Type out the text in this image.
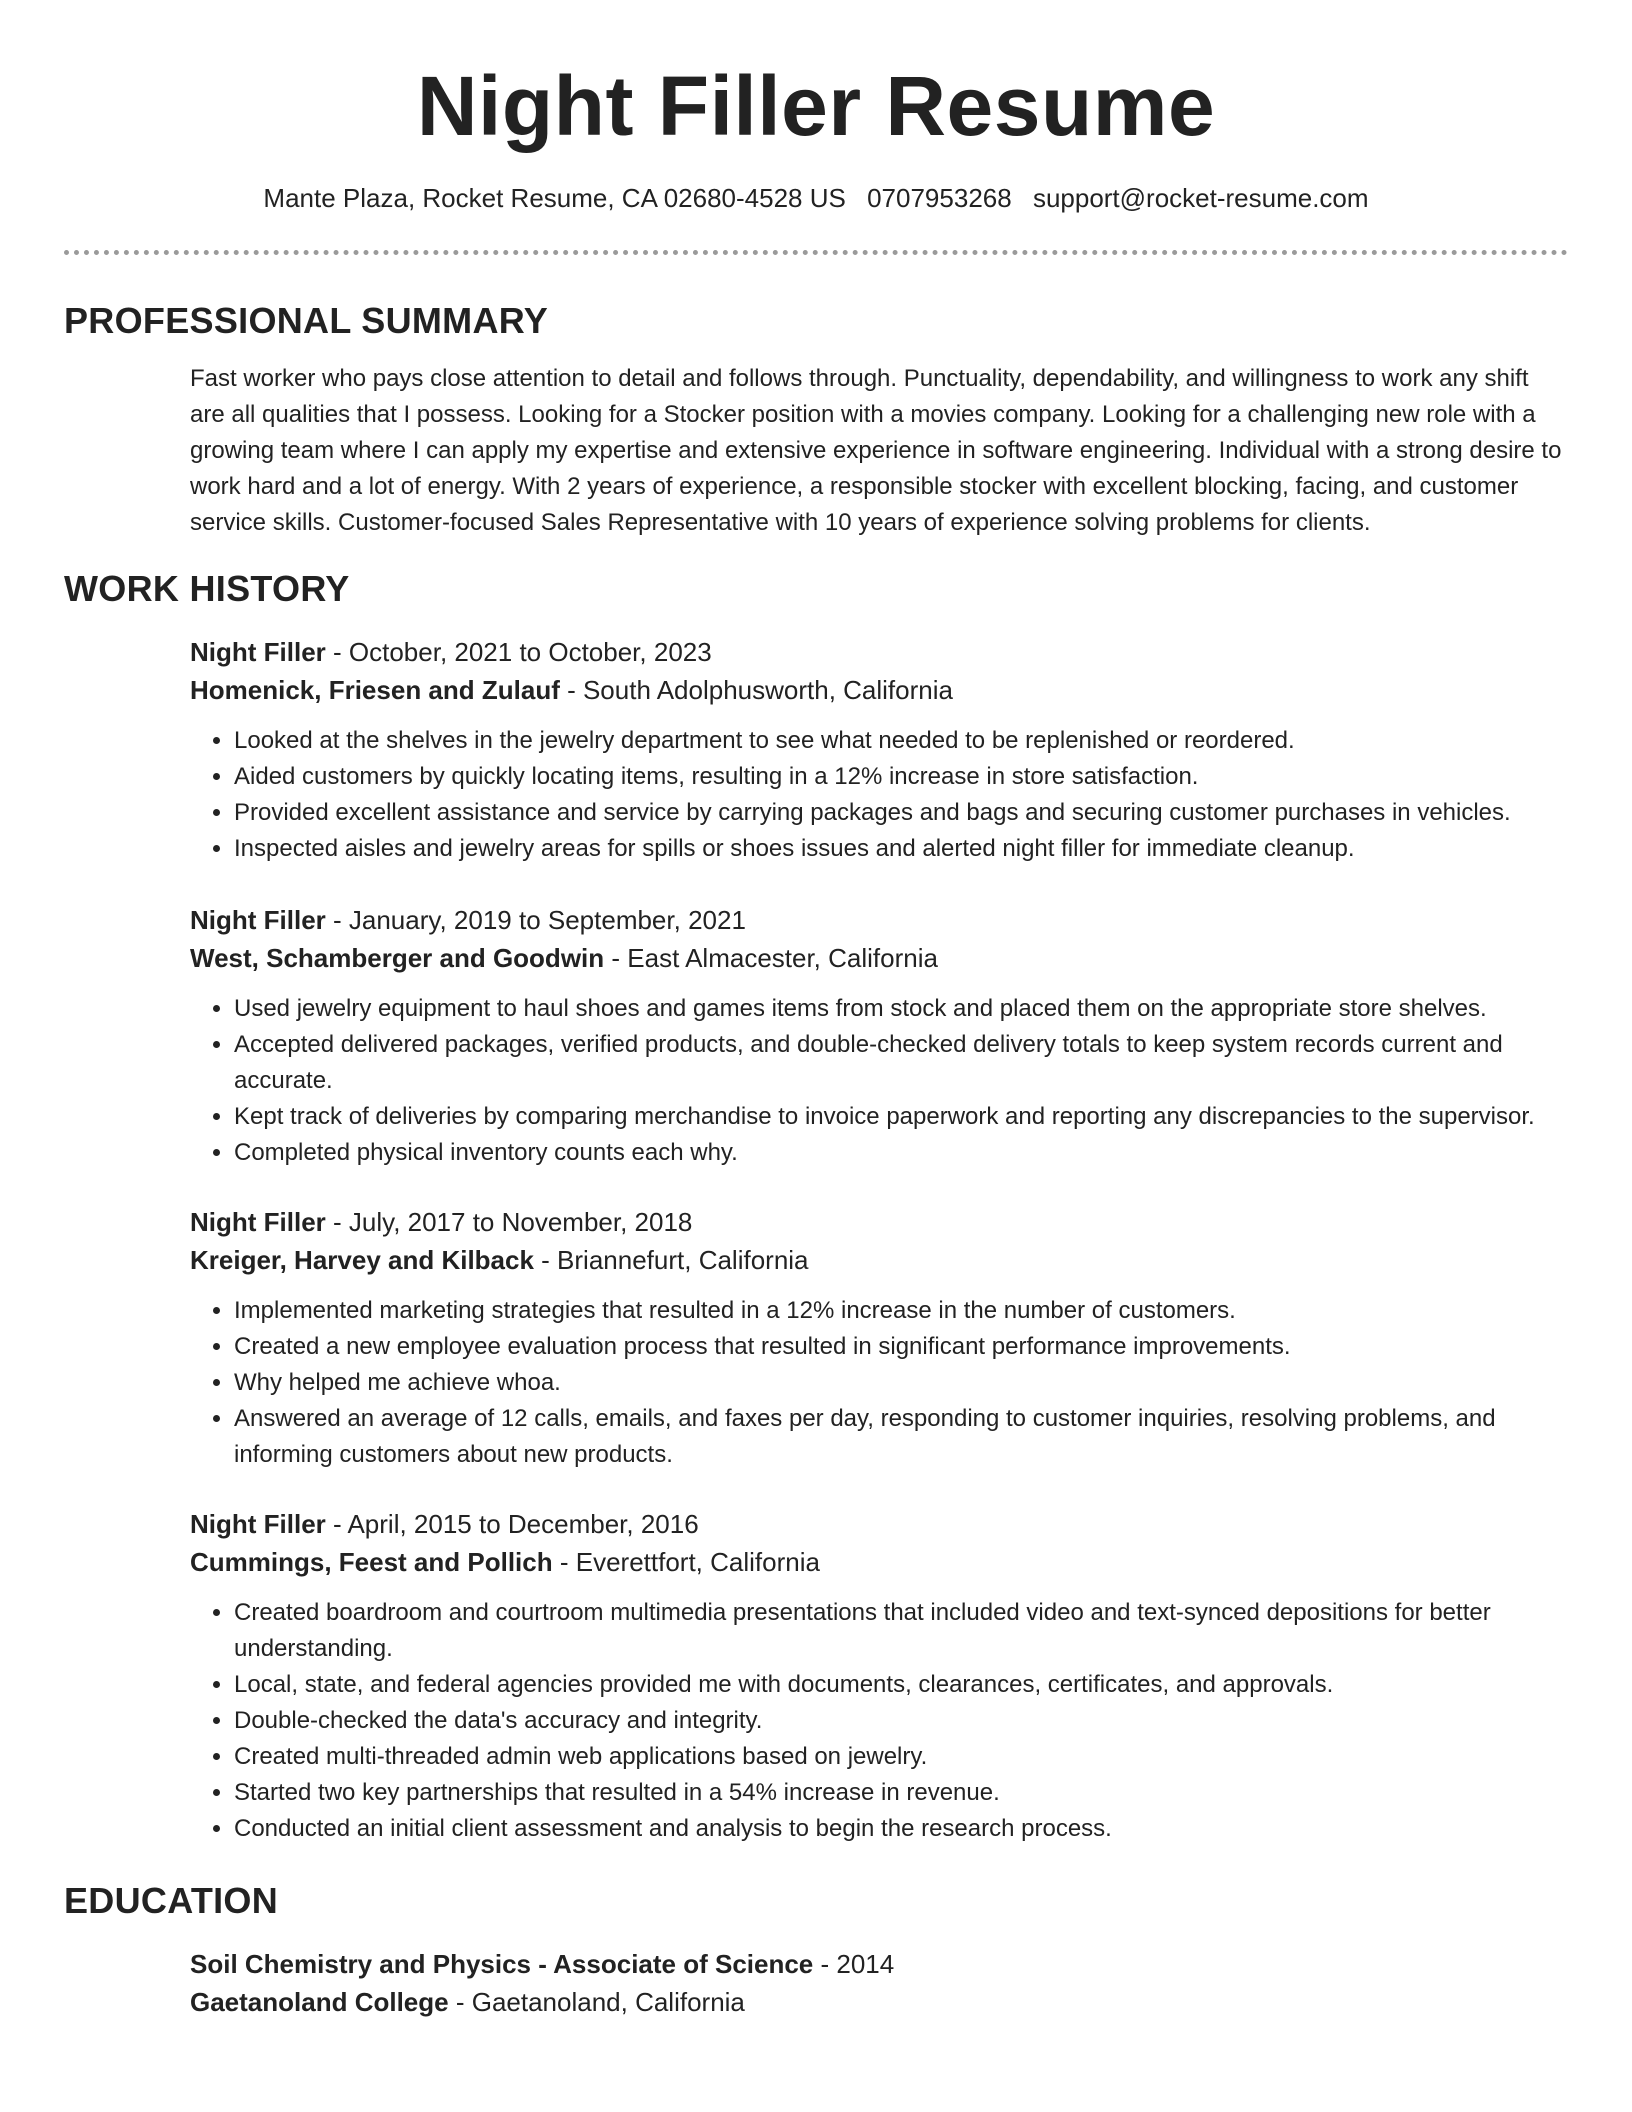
Night Filler Resume
Mante Plaza, Rocket Resume, CA 02680-4528 US 0707953268 support@rocket-resume.com
PROFESSIONAL SUMMARY
Fast worker who pays close attention to detail and follows through. Punctuality, dependability, and willingness to work any shift are all qualities that I possess. Looking for a Stocker position with a movies company. Looking for a challenging new role with a growing team where I can apply my expertise and extensive experience in software engineering. Individual with a strong desire to work hard and a lot of energy. With 2 years of experience, a responsible stocker with excellent blocking, facing, and customer service skills. Customer-focused Sales Representative with 10 years of experience solving problems for clients.
WORK HISTORY
Night Filler - October, 2021 to October, 2023
Homenick, Friesen and Zulauf - South Adolphusworth, California
• Looked at the shelves in the jewelry department to see what needed to be replenished or reordered.
• Aided customers by quickly locating items, resulting in a 12% increase in store satisfaction.
• Provided excellent assistance and service by carrying packages and bags and securing customer purchases in vehicles.
• Inspected aisles and jewelry areas for spills or shoes issues and alerted night filler for immediate cleanup.
Night Filler - January, 2019 to September, 2021
West, Schamberger and Goodwin - East Almacester, California
• Used jewelry equipment to haul shoes and games items from stock and placed them on the appropriate store shelves.
• Accepted delivered packages, verified products, and double-checked delivery totals to keep system records current and accurate.
• Kept track of deliveries by comparing merchandise to invoice paperwork and reporting any discrepancies to the supervisor.
• Completed physical inventory counts each why.
Night Filler - July, 2017 to November, 2018
Kreiger, Harvey and Kilback - Briannefurt, California
• Implemented marketing strategies that resulted in a 12% increase in the number of customers.
• Created a new employee evaluation process that resulted in significant performance improvements.
• Why helped me achieve whoa.
• Answered an average of 12 calls, emails, and faxes per day, responding to customer inquiries, resolving problems, and informing customers about new products.
Night Filler - April, 2015 to December, 2016
Cummings, Feest and Pollich - Everettfort, California
• Created boardroom and courtroom multimedia presentations that included video and text-synced depositions for better understanding.
• Local, state, and federal agencies provided me with documents, clearances, certificates, and approvals.
• Double-checked the data's accuracy and integrity.
• Created multi-threaded admin web applications based on jewelry.
• Started two key partnerships that resulted in a 54% increase in revenue.
• Conducted an initial client assessment and analysis to begin the research process.
EDUCATION
Soil Chemistry and Physics - Associate of Science - 2014
Gaetanoland College - Gaetanoland, California
